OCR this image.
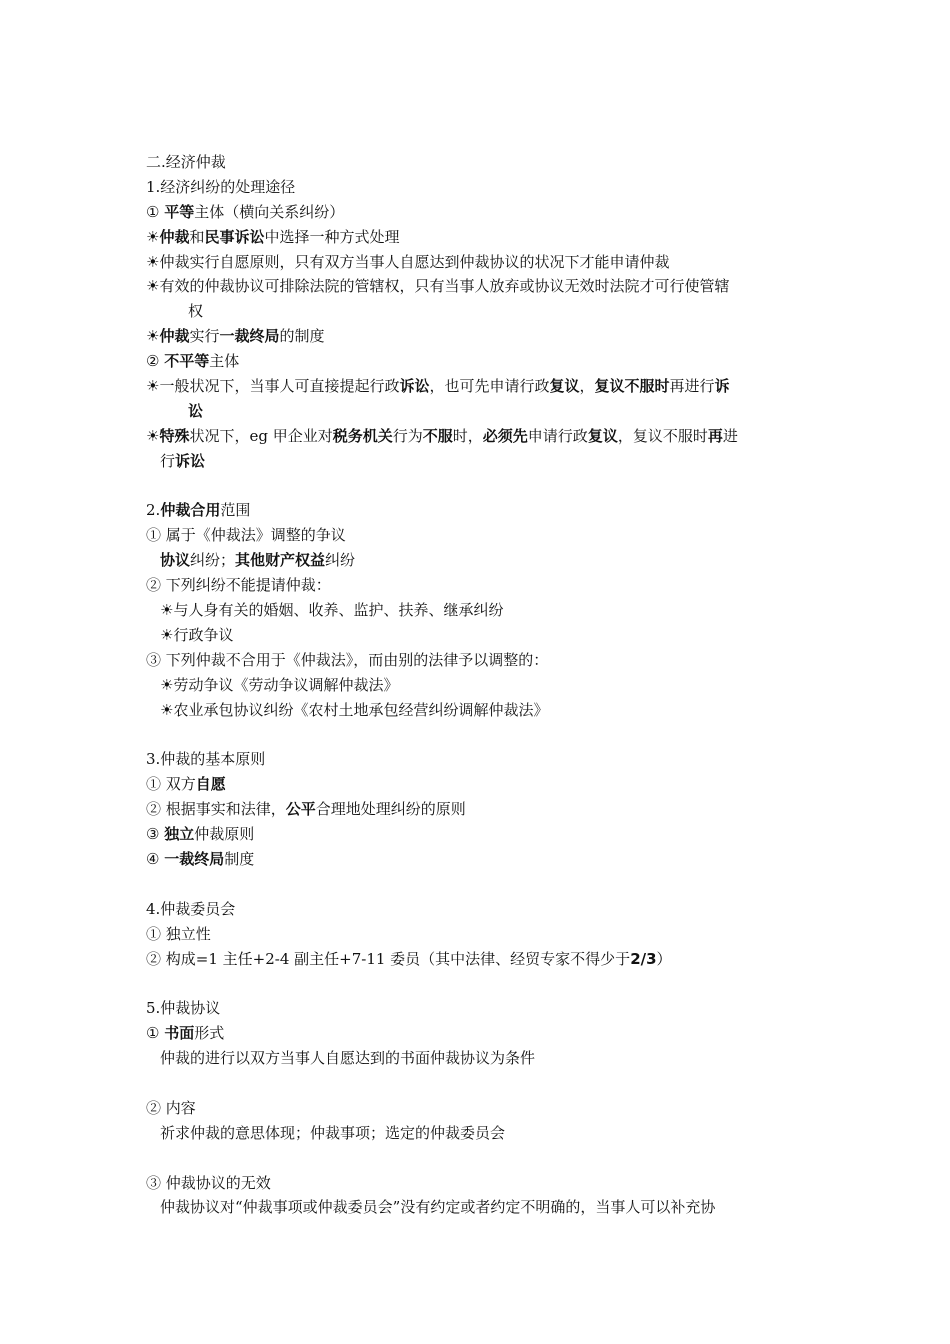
二.经济仲裁
1.经济纠纷的处理途径
① 平等主体（横向关系纠纷）
☀仲裁和民事诉讼中选择一种方式处理
☀仲裁实行自愿原则，只有双方当事人自愿达到仲裁协议的状况下才能申请仲裁
☀有效的仲裁协议可排除法院的管辖权，只有当事人放弃或协议无效时法院才可行使管辖
权
☀仲裁实行一裁终局的制度
② 不平等主体
☀一般状况下，当事人可直接提起行政诉讼，也可先申请行政复议，复议不服时再进行诉
讼
☀特殊状况下，eg 甲企业对税务机关行为不服时，必须先申请行政复议，复议不服时再进
行诉讼
2.仲裁合用范围
① 属于《仲裁法》调整的争议
协议纠纷；其他财产权益纠纷
② 下列纠纷不能提请仲裁：
☀与人身有关的婚姻、收养、监护、扶养、继承纠纷
☀行政争议
③ 下列仲裁不合用于《仲裁法》，而由别的法律予以调整的：
☀劳动争议《劳动争议调解仲裁法》
☀农业承包协议纠纷《农村土地承包经营纠纷调解仲裁法》
3.仲裁的基本原则
① 双方自愿
② 根据事实和法律，公平合理地处理纠纷的原则
③ 独立仲裁原则
④ 一裁终局制度
4.仲裁委员会
① 独立性
② 构成=1 主任+2-4 副主任+7-11 委员（其中法律、经贸专家不得少于2/3）
5.仲裁协议
① 书面形式
仲裁的进行以双方当事人自愿达到的书面仲裁协议为条件
② 内容
祈求仲裁的意思体现；仲裁事项；选定的仲裁委员会
③ 仲裁协议的无效
仲裁协议对“仲裁事项或仲裁委员会”没有约定或者约定不明确的，当事人可以补充协
